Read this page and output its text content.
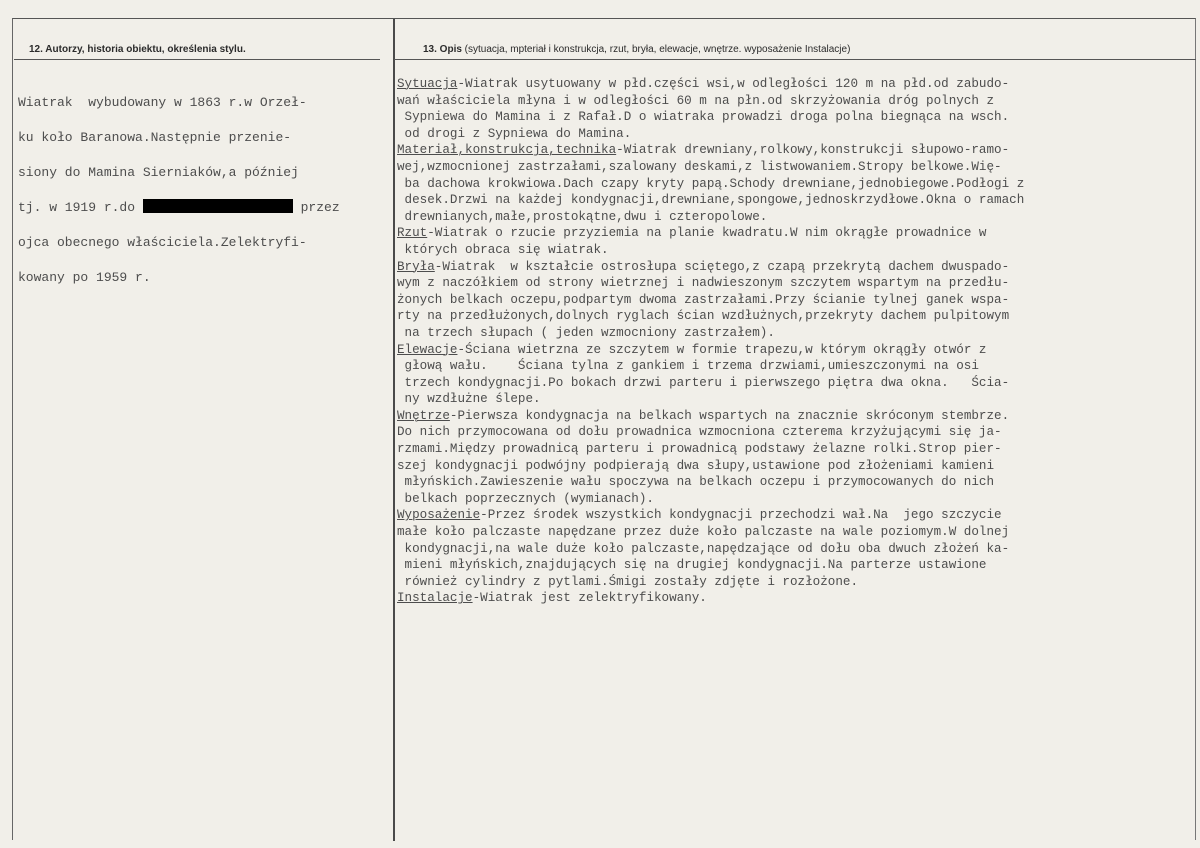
12. Autorzy, historia obiektu, określenia stylu.	13. Opis (sytuacja, mpteriał i konstrukcja, rzut, bryła, elewacje, wnętrze. wyposażenie Instalacje)

Wiatrak  wybudowany w 1863 r.w Orzeł-

ku koło Baranowa.Następnie przenie-

siony do Mamina Sierniaków,a później

tj. w 1919 r.do	przez

ojca obecnego właściciela.Zelektryfi-

kowany po 1959 r.

Sytuacja-Wiatrak usytuowany w płd.części wsi,w odległości 120 m na płd.od zabudo-
wań właściciela młyna i w odległości 60 m na płn.od skrzyżowania dróg polnych z
Sypniewa do Mamina i z Rafał.D o wiatraka prowadzi droga polna biegnąca na wsch.
od drogi z Sypniewa do Mamina.
Materiał,konstrukcja,technika-Wiatrak drewniany,rolkowy,konstrukcji słupowo-ramo-
wej,wzmocnionej zastrzałami,szalowany deskami,z listwowaniem.Stropy belkowe.Wię-
ba dachowa krokwiowa.Dach czapy kryty papą.Schody drewniane,jednobiegowe.Podłogi z
desek.Drzwi na każdej kondygnacji,drewniane,spongowe,jednoskrzydłowe.Okna o ramach
drewnianych,małe,prostokątne,dwu i czteropolowe.
Rzut-Wiatrak o rzucie przyziemia na planie kwadratu.W nim okrągłe prowadnice w
których obraca się wiatrak.
Bryła-Wiatrak  w kształcie ostrosłupa sciętego,z czapą przekrytą dachem dwuspado-
wym z naczółkiem od strony wietrznej i nadwieszonym szczytem wspartym na przedłu-
żonych belkach oczepu,podpartym dwoma zastrzałami.Przy ścianie tylnej ganek wspa-
rty na przedłużonych,dolnych ryglach ścian wzdłużnych,przekryty dachem pulpitowym
na trzech słupach ( jeden wzmocniony zastrzałem).
Elewacje-Ściana wietrzna ze szczytem w formie trapezu,w którym okrągły otwór z
głową wału.    Ściana tylna z gankiem i trzema drzwiami,umieszczonymi na osi
trzech kondygnacji.Po bokach drzwi parteru i pierwszego piętra dwa okna.   Ścia-
ny wzdłużne ślepe.
Wnętrze-Pierwsza kondygnacja na belkach wspartych na znacznie skróconym stembrze.
Do nich przymocowana od dołu prowadnica wzmocniona czterema krzyżującymi się ja-
rzmami.Między prowadnicą parteru i prowadnicą podstawy żelazne rolki.Strop pier-
szej kondygnacji podwójny podpierają dwa słupy,ustawione pod złożeniami kamieni
młyńskich.Zawieszenie wału spoczywa na belkach oczepu i przymocowanych do nich
belkach poprzecznych (wymianach).
Wyposażenie-Przez środek wszystkich kondygnacji przechodzi wał.Na  jego szczycie
małe koło palczaste napędzane przez duże koło palczaste na wale poziomym.W dolnej
kondygnacji,na wale duże koło palczaste,napędzające od dołu oba dwuch złożeń ka-
mieni młyńskich,znajdujących się na drugiej kondygnacji.Na parterze ustawione
również cylindry z pytlami.Śmigi zostały zdjęte i rozłożone.
Instalacje-Wiatrak jest zelektryfikowany.
